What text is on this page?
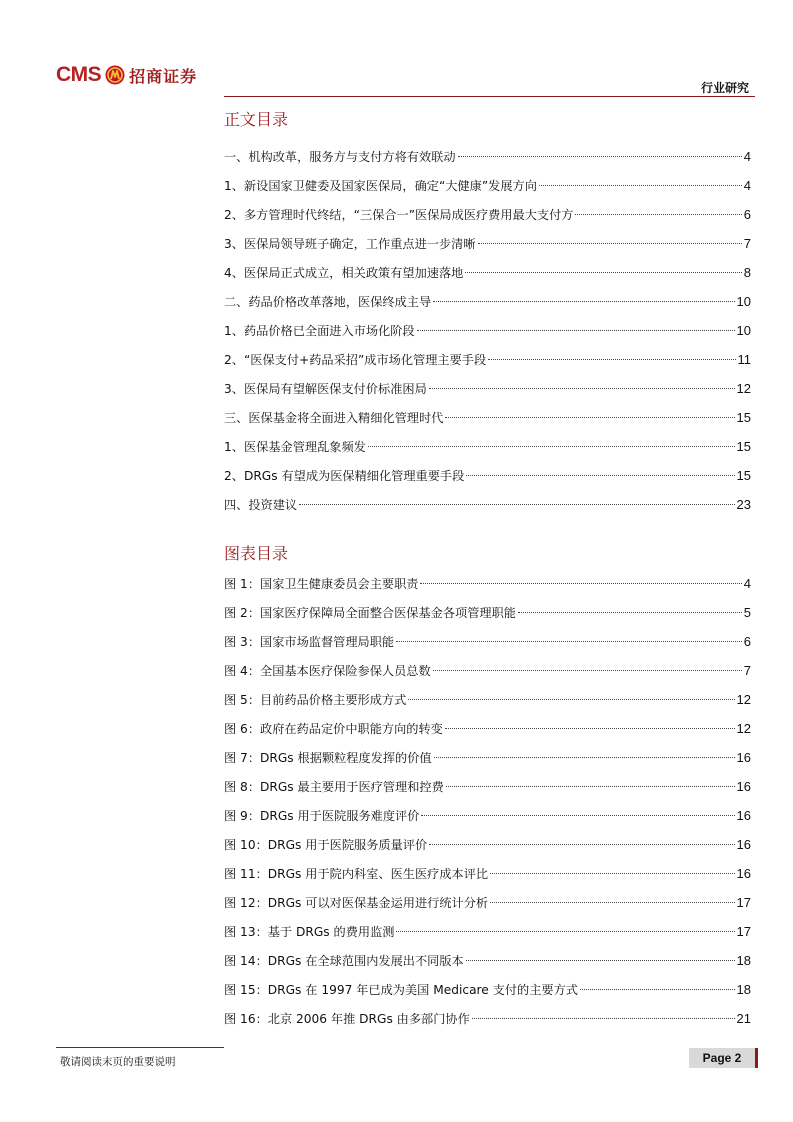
CMS 招商证券
行业研究
正文目录
一、机构改革，服务方与支付方将有效联动	4
1、新设国家卫健委及国家医保局，确定“大健康”发展方向	4
2、多方管理时代终结，“三保合一”医保局成医疗费用最大支付方	6
3、医保局领导班子确定，工作重点进一步清晰	7
4、医保局正式成立，相关政策有望加速落地	8
二、药品价格改革落地，医保终成主导	10
1、药品价格已全面进入市场化阶段	10
2、“医保支付+药品采招”成市场化管理主要手段	11
3、医保局有望解医保支付价标准困局	12
三、医保基金将全面进入精细化管理时代	15
1、医保基金管理乱象频发	15
2、DRGs 有望成为医保精细化管理重要手段	15
四、投资建议	23
图表目录
图 1：国家卫生健康委员会主要职责	4
图 2：国家医疗保障局全面整合医保基金各项管理职能	5
图 3：国家市场监督管理局职能	6
图 4：全国基本医疗保险参保人员总数	7
图 5：目前药品价格主要形成方式	12
图 6：政府在药品定价中职能方向的转变	12
图 7：DRGs 根据颗粒程度发挥的价值	16
图 8：DRGs 最主要用于医疗管理和控费	16
图 9：DRGs 用于医院服务难度评价	16
图 10：DRGs 用于医院服务质量评价	16
图 11：DRGs 用于院内科室、医生医疗成本评比	16
图 12：DRGs 可以对医保基金运用进行统计分析	17
图 13：基于 DRGs 的费用监测	17
图 14：DRGs 在全球范围内发展出不同版本	18
图 15：DRGs 在 1997 年已成为美国 Medicare 支付的主要方式	18
图 16：北京 2006 年推 DRGs 由多部门协作	21
敬请阅读末页的重要说明	Page 2
